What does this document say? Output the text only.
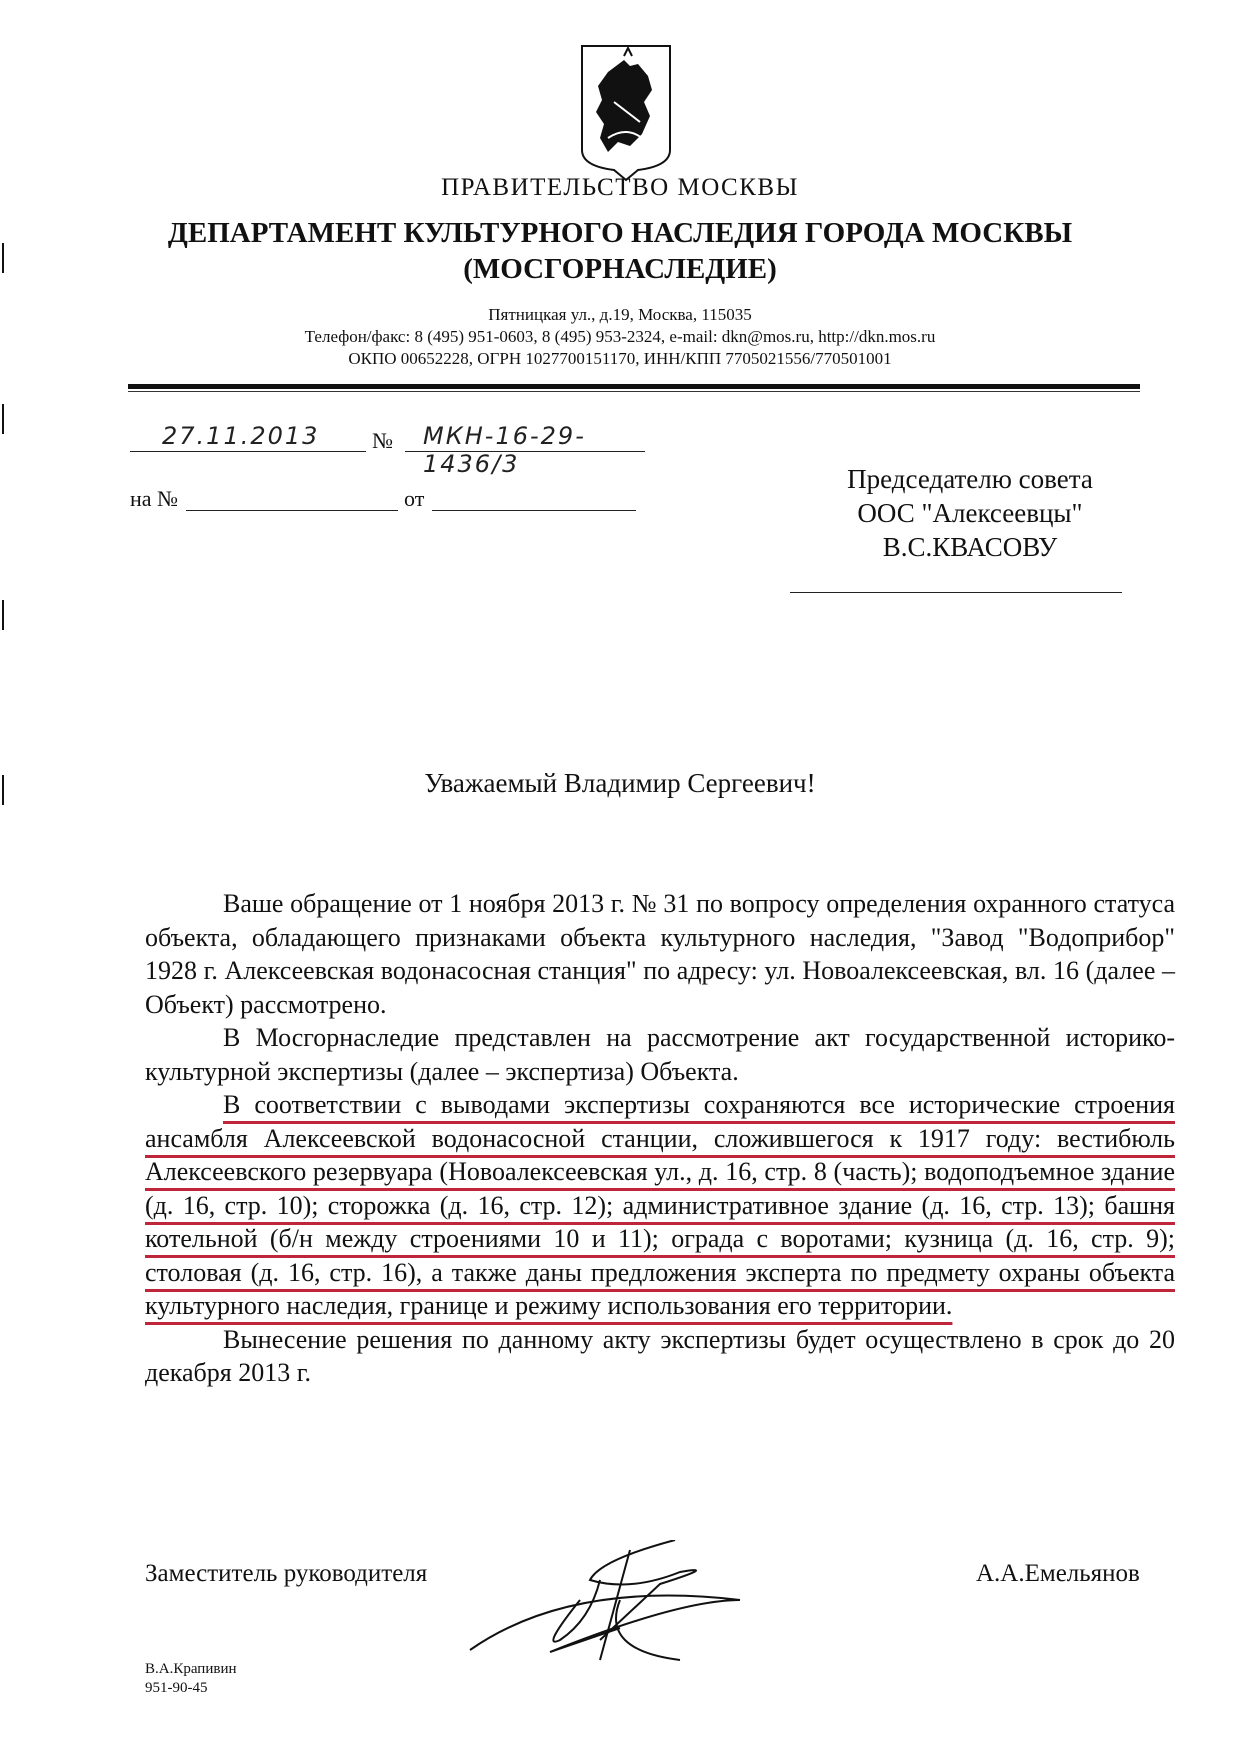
ПРАВИТЕЛЬСТВО МОСКВЫ
ДЕПАРТАМЕНТ КУЛЬТУРНОГО НАСЛЕДИЯ ГОРОДА МОСКВЫ
(МОСГОРНАСЛЕДИЕ)
Пятницкая ул., д.19, Москва, 115035
Телефон/факс: 8 (495) 951-0603, 8 (495) 953-2324, e-mail: dkn@mos.ru, http://dkn.mos.ru
ОКПО 00652228, ОГРН 1027700151170, ИНН/КПП 7705021556/770501001
27.11.2013	№	МКН-16-29-1436/3
на №	от
Председателю совета
ООС "Алексеевцы"
В.С.КВАСОВУ
Уважаемый Владимир Сергеевич!

Ваше обращение от 1 ноября 2013 г. № 31 по вопросу определения охранного статуса объекта, обладающего признаками объекта культурного наследия, "Завод "Водоприбор" 1928 г. Алексеевская водонасосная станция" по адресу: ул. Новоалексеевская, вл. 16 (далее – Объект) рассмотрено.

В Мосгорнаследие представлен на рассмотрение акт государственной историко-культурной экспертизы (далее – экспертиза) Объекта.

В соответствии с выводами экспертизы сохраняются все исторические строения ансамбля Алексеевской водонасосной станции, сложившегося к 1917 году: вестибюль Алексеевского резервуара (Новоалексеевская ул., д. 16, стр. 8 (часть); водоподъемное здание (д. 16, стр. 10); сторожка (д. 16, стр. 12); административное здание (д. 16, стр. 13); башня котельной (б/н между строениями 10 и 11); ограда с воротами; кузница (д. 16, стр. 9); столовая (д. 16, стр. 16), а также даны предложения эксперта по предмету охраны объекта культурного наследия, границе и режиму использования его территории.

Вынесение решения по данному акту экспертизы будет осуществлено в срок до 20 декабря 2013 г.

Заместитель руководителя	А.А.Емельянов
В.А.Крапивин
951-90-45
